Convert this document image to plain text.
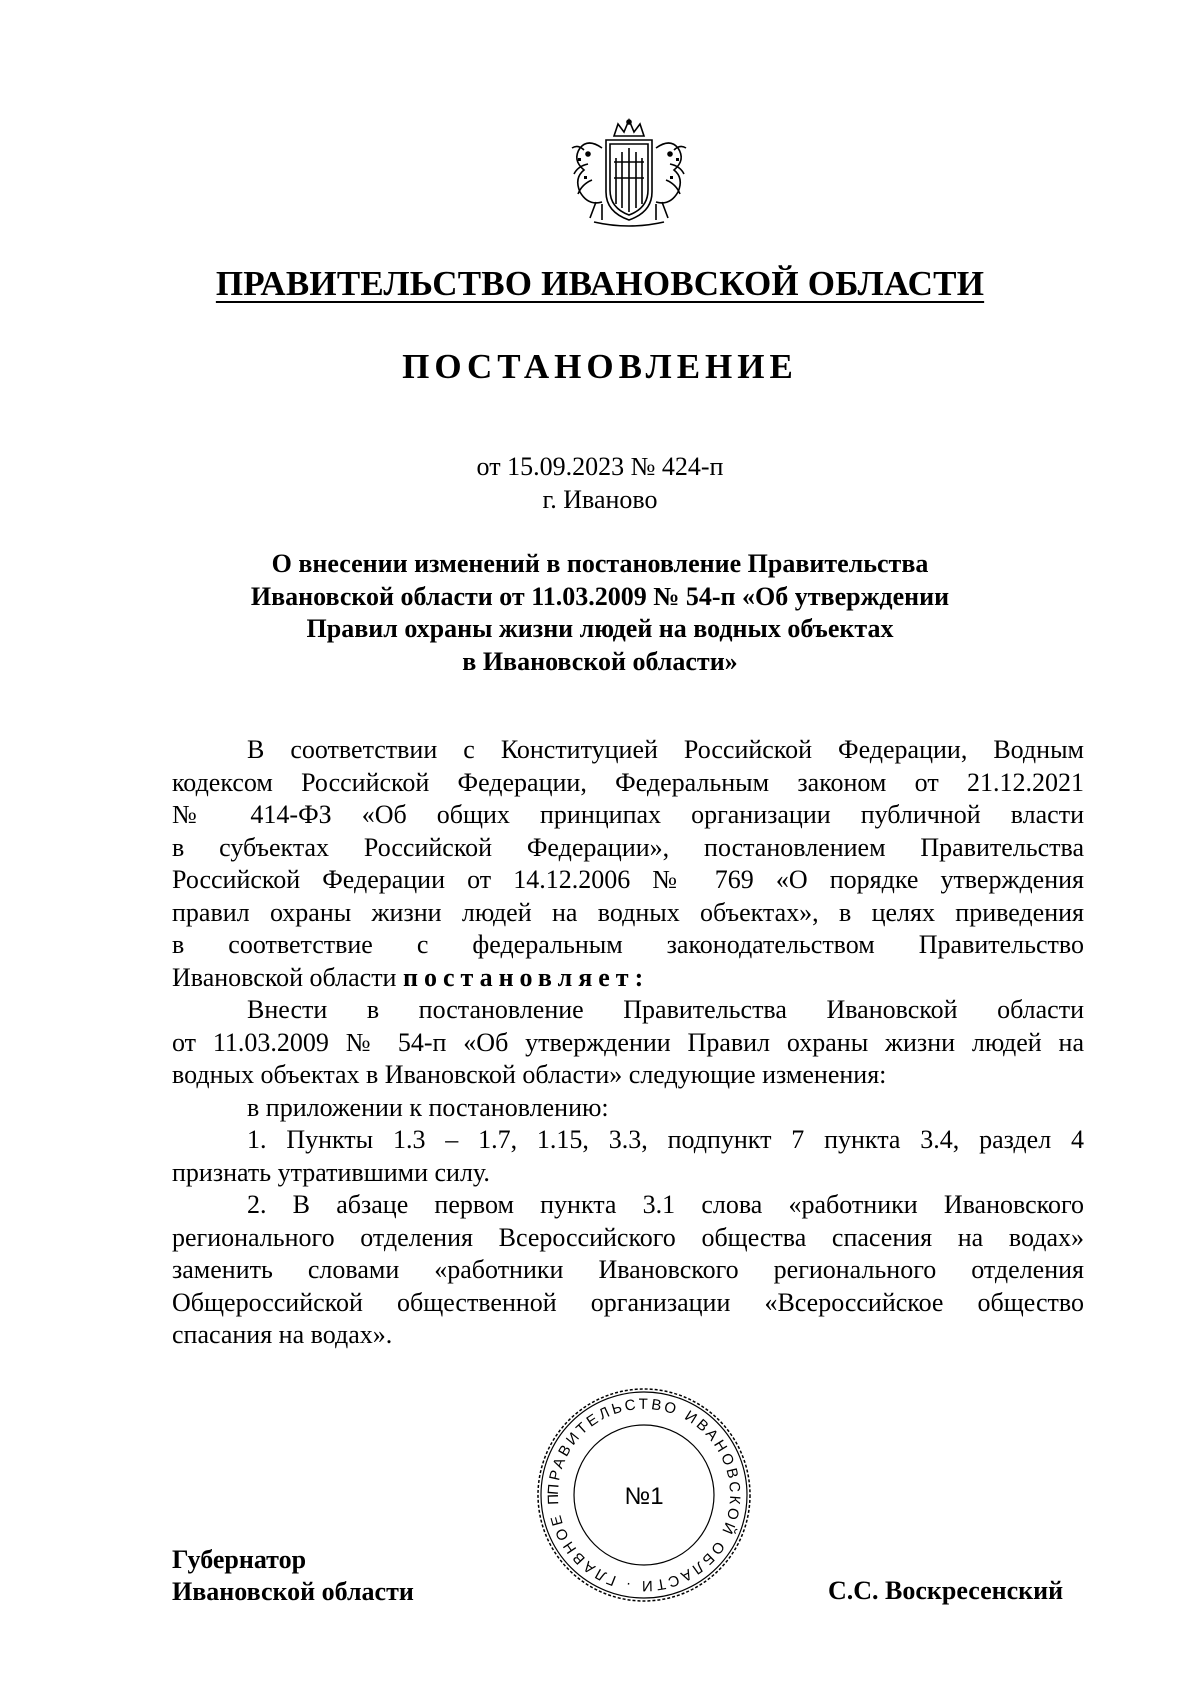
ПРАВИТЕЛЬСТВО ИВАНОВСКОЙ ОБЛАСТИ
ПОСТАНОВЛЕНИЕ
от 15.09.2023 № 424-п
г. Иваново
О внесении изменений в постановление Правительства
Ивановской области от 11.03.2009 № 54-п «Об утверждении
Правил охраны жизни людей на водных объектах
в Ивановской области»

В соответствии с Конституцией Российской Федерации, Водным
кодексом Российской Федерации, Федеральным законом от 21.12.2021
№ 414-ФЗ «Об общих принципах организации публичной власти
в субъектах Российской Федерации», постановлением Правительства
Российской Федерации от 14.12.2006 № 769 «О порядке утверждения
правил охраны жизни людей на водных объектах», в целях приведения
в соответствие с федеральным законодательством Правительство
Ивановской области постановляет:

Внести в постановление Правительства Ивановской области
от 11.03.2009 № 54-п «Об утверждении Правил охраны жизни людей на
водных объектах в Ивановской области» следующие изменения:

в приложении к постановлению:

1. Пункты 1.3 – 1.7, 1.15, 3.3, подпункт 7 пункта 3.4, раздел 4
признать утратившими силу.

2. В абзаце первом пункта 3.1 слова «работники Ивановского
регионального отделения Всероссийского общества спасения на водах»
заменить словами «работники Ивановского регионального отделения
Общероссийской общественной организации «Всероссийское общество
спасания на водах».

ПРАВИТЕЛЬСТВО ИВАНОВСКОЙ ОБЛАСТИ · ГЛАВНОЕ П	№1
Губернатор
Ивановской области	С.С. Воскресенский
